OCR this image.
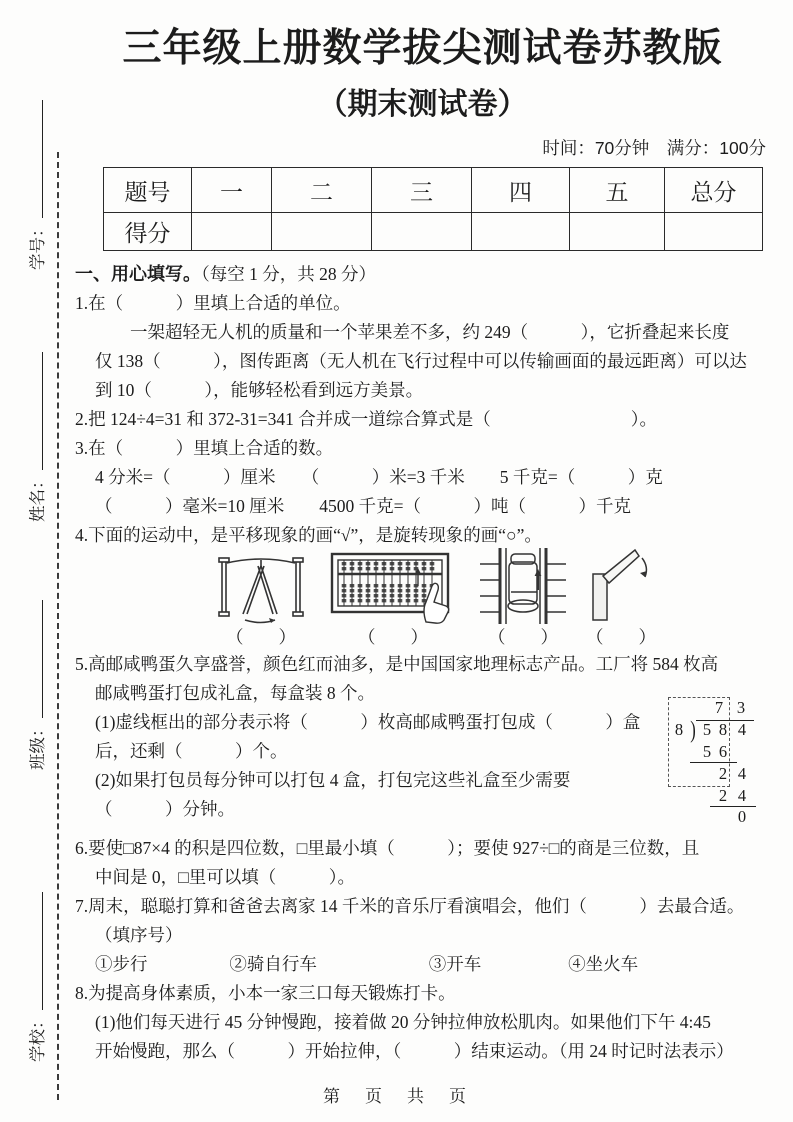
学号：
姓名：
班级：
学校：
三年级上册数学拔尖测试卷苏教版
（期末测试卷）
时间：70分钟　满分：100分
题号	一	二	三	四	五	总分
得分						
一、用心填写。（每空 1 分，共 28 分）
1.在（　　　）里填上合适的单位。
一架超轻无人机的质量和一个苹果差不多，约 249（　　　），它折叠起来长度
仅 138（　　　），图传距离（无人机在飞行过程中可以传输画面的最远距离）可以达
到 10（　　　），能够轻松看到远方美景。
2.把 124÷4=31 和 372-31=341 合并成一道综合算式是（　　　　　　　　）。
3.在（　　　）里填上合适的数。
4 分米=（　　　）厘米　　（　　　）米=3 千米　　5 千克=（　　　）克
（　　　）毫米=10 厘米　　4500 千克=（　　　）吨（　　　）千克
4.下面的运动中，是平移现象的画“√”，是旋转现象的画“○”。
（　　）	（　　）	（　　）	（　　）
5.高邮咸鸭蛋久享盛誉，颜色红而油多，是中国国家地理标志产品。工厂将 584 枚高
邮咸鸭蛋打包成礼盒，每盒装 8 个。
(1)虚线框出的部分表示将（　　　）枚高邮咸鸭蛋打包成（　　　）盒
后，还剩（　　　）个。
(2)如果打包员每分钟可以打包 4 盒，打包完这些礼盒至少需要
（　　　）分钟。
7 3
8 ) 5 8 4
5 6
2 4
2 4
0
6.要使□87×4 的积是四位数，□里最小填（　　　）；要使 927÷□的商是三位数，且
中间是 0，□里可以填（　　　）。
7.周末，聪聪打算和爸爸去离家 14 千米的音乐厅看演唱会，他们（　　　）去最合适。
（填序号）
①步行	②骑自行车	③开车	④坐火车
8.为提高身体素质，小本一家三口每天锻炼打卡。
(1)他们每天进行 45 分钟慢跑，接着做 20 分钟拉伸放松肌肉。如果他们下午 4:45
开始慢跑，那么（　　　）开始拉伸，（　　　）结束运动。（用 24 时记时法表示）
第　页　共　页
